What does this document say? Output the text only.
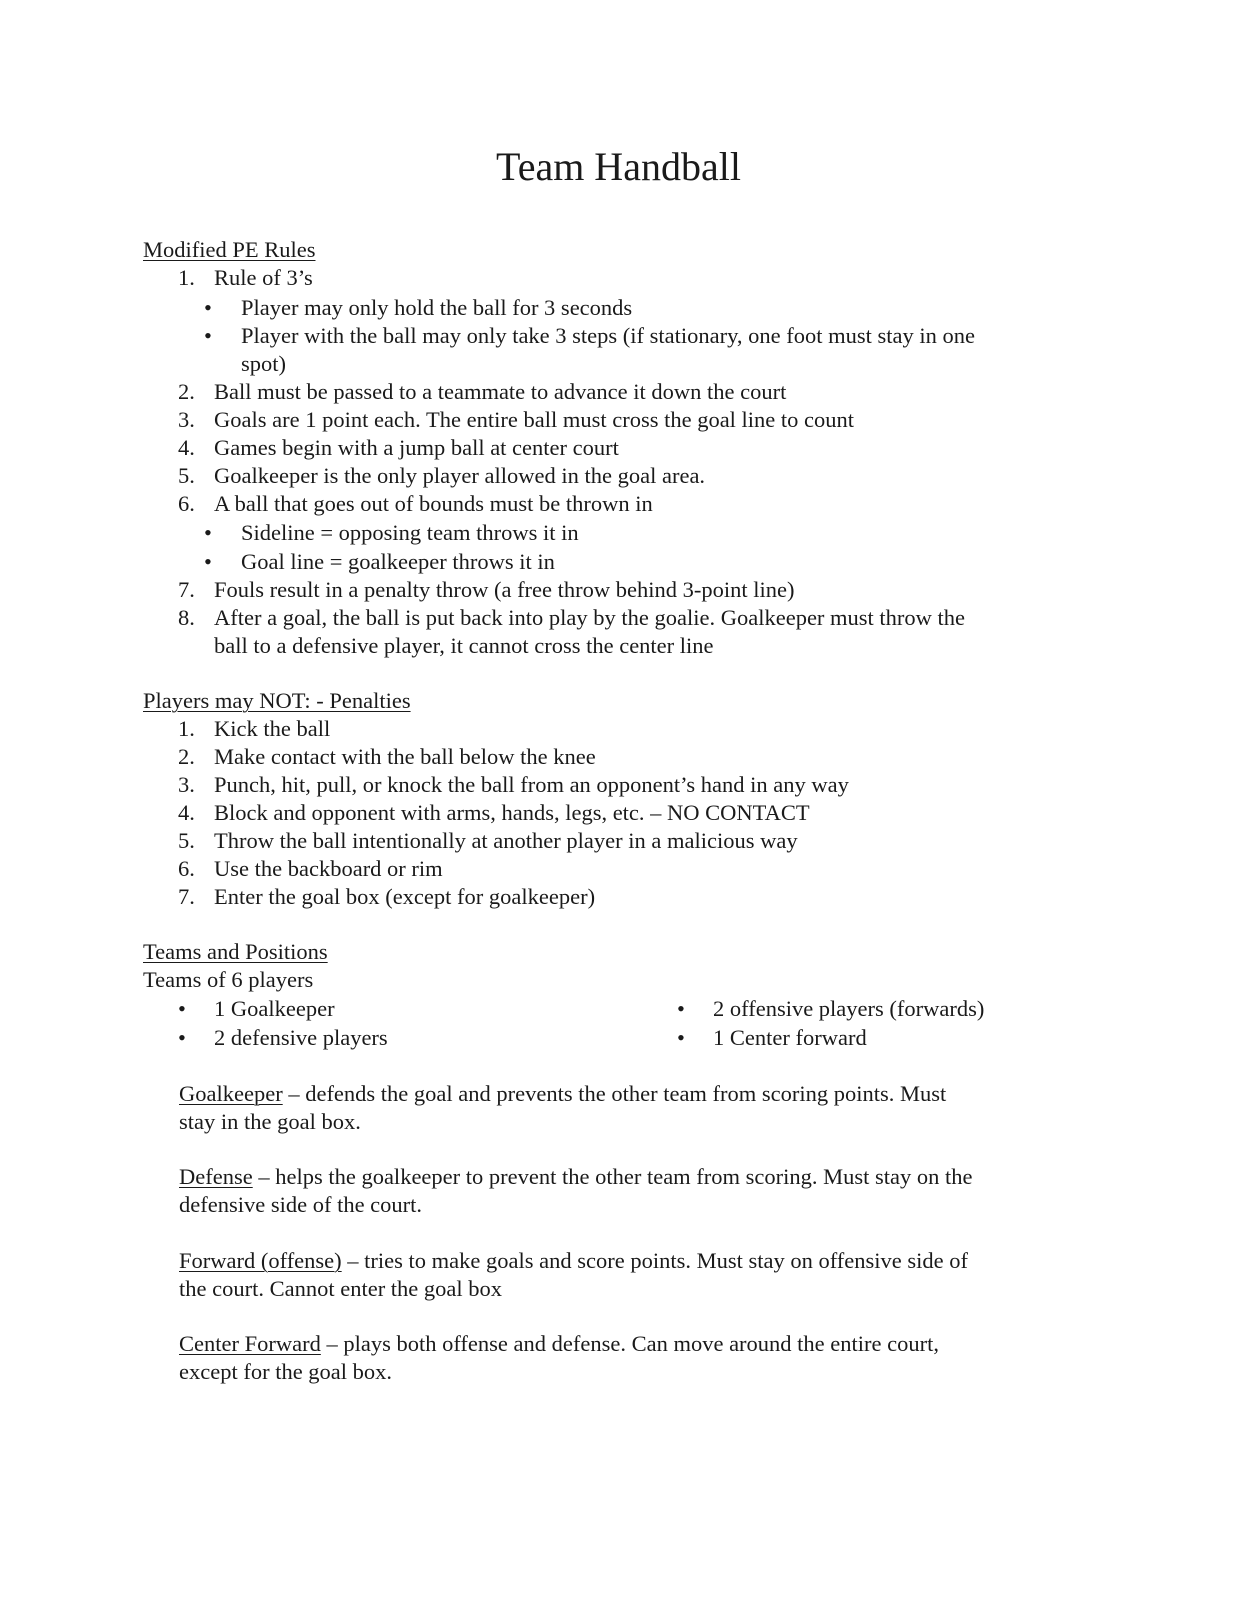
Team Handball
Modified PE Rules
1. Rule of 3’s
• Player may only hold the ball for 3 seconds
• Player with the ball may only take 3 steps (if stationary, one foot must stay in one
spot)
2. Ball must be passed to a teammate to advance it down the court
3. Goals are 1 point each. The entire ball must cross the goal line to count
4. Games begin with a jump ball at center court
5. Goalkeeper is the only player allowed in the goal area.
6. A ball that goes out of bounds must be thrown in
• Sideline = opposing team throws it in
• Goal line = goalkeeper throws it in
7. Fouls result in a penalty throw (a free throw behind 3-point line)
8. After a goal, the ball is put back into play by the goalie. Goalkeeper must throw the
ball to a defensive player, it cannot cross the center line
Players may NOT: - Penalties
1. Kick the ball
2. Make contact with the ball below the knee
3. Punch, hit, pull, or knock the ball from an opponent’s hand in any way
4. Block and opponent with arms, hands, legs, etc. – NO CONTACT
5. Throw the ball intentionally at another player in a malicious way
6. Use the backboard or rim
7. Enter the goal box (except for goalkeeper)
Teams and Positions
Teams of 6 players
• 1 Goalkeeper
• 2 defensive players
• 2 offensive players (forwards)
• 1 Center forward
Goalkeeper – defends the goal and prevents the other team from scoring points. Must
stay in the goal box.
Defense – helps the goalkeeper to prevent the other team from scoring. Must stay on the
defensive side of the court.
Forward (offense) – tries to make goals and score points. Must stay on offensive side of
the court. Cannot enter the goal box
Center Forward – plays both offense and defense. Can move around the entire court,
except for the goal box.
